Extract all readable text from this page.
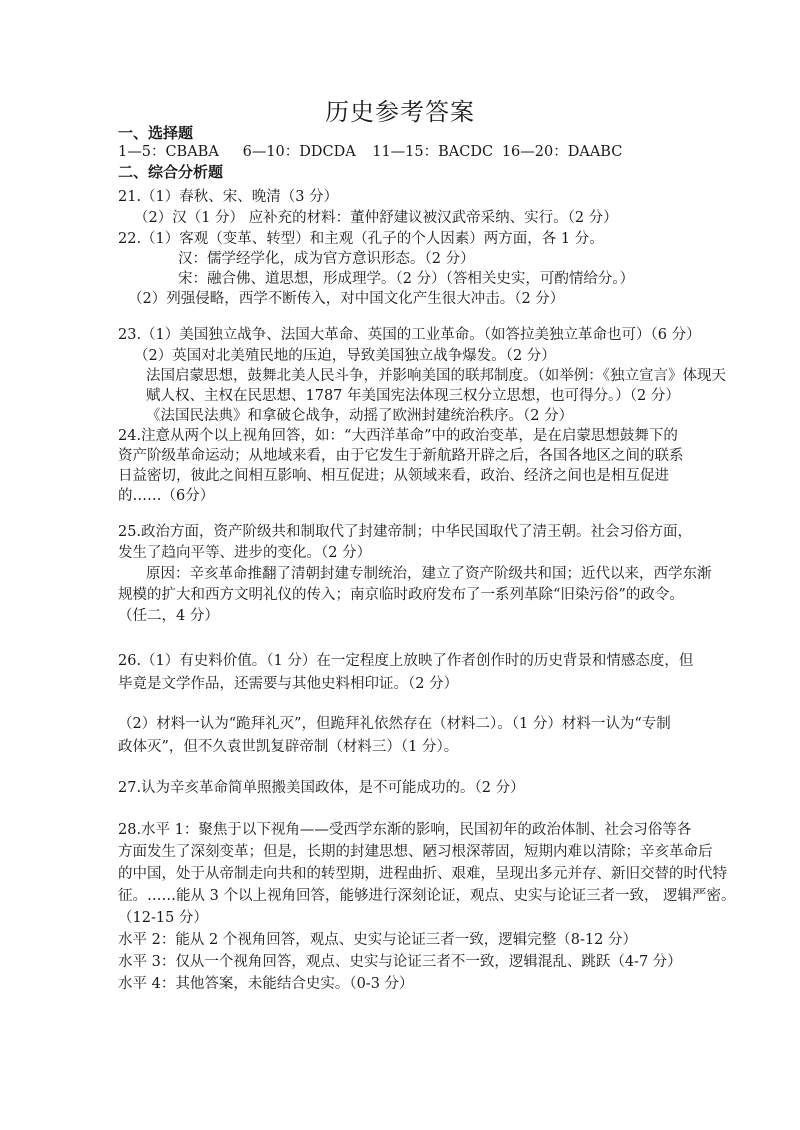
历史参考答案
一、选择题
1—5：CBABA 6—10：DDCDA 11—15：BACDC 16—20：DAABC
二、综合分析题
21.（1）春秋、宋、晚清（3 分）
（2）汉（1 分） 应补充的材料：董仲舒建议被汉武帝采纳、实行。（2 分）
22.（1）客观（变革、转型）和主观（孔子的个人因素）两方面，各 1 分。
汉：儒学经学化，成为官方意识形态。（2 分）
宋：融合佛、道思想，形成理学。（2 分）（答相关史实，可酌情给分。）
（2）列强侵略，西学不断传入，对中国文化产生很大冲击。（2 分）
23.（1）美国独立战争、法国大革命、英国的工业革命。（如答拉美独立革命也可）（6 分）
（2）英国对北美殖民地的压迫，导致美国独立战争爆发。（2 分）
法国启蒙思想，鼓舞北美人民斗争，并影响美国的联邦制度。（如举例：《独立宣言》体现天
赋人权、主权在民思想、1787 年美国宪法体现三权分立思想，也可得分。）（2 分）
《法国民法典》和拿破仑战争，动摇了欧洲封建统治秩序。（2 分）
24.注意从两个以上视角回答，如：“大西洋革命”中的政治变革，是在启蒙思想鼓舞下的
资产阶级革命运动；从地域来看，由于它发生于新航路开辟之后，各国各地区之间的联系
日益密切，彼此之间相互影响、相互促进；从领域来看，政治、经济之间也是相互促进
的……（6分）
25.政治方面，资产阶级共和制取代了封建帝制；中华民国取代了清王朝。社会习俗方面，
发生了趋向平等、进步的变化。（2 分）
原因：辛亥革命推翻了清朝封建专制统治，建立了资产阶级共和国；近代以来，西学东渐
规模的扩大和西方文明礼仪的传入；南京临时政府发布了一系列革除“旧染污俗”的政令。
（任二，4 分）
26.（1）有史料价值。（1 分）在一定程度上放映了作者创作时的历史背景和情感态度，但
毕竟是文学作品，还需要与其他史料相印证。（2 分）
（2）材料一认为“跪拜礼灭”，但跪拜礼依然存在（材料二）。（1 分）材料一认为“专制
政体灭”，但不久袁世凯复辟帝制（材料三）（1 分）。
27.认为辛亥革命简单照搬美国政体，是不可能成功的。（2 分）
28.水平 1：聚焦于以下视角——受西学东渐的影响，民国初年的政治体制、社会习俗等各
方面发生了深刻变革；但是，长期的封建思想、陋习根深蒂固，短期内难以清除；辛亥革命后
的中国，处于从帝制走向共和的转型期，进程曲折、艰难，呈现出多元并存、新旧交替的时代特
征。……能从 3 个以上视角回答，能够进行深刻论证，观点、史实与论证三者一致， 逻辑严密。
（12-15 分）
水平 2：能从 2 个视角回答，观点、史实与论证三者一致，逻辑完整（8-12 分）
水平 3：仅从一个视角回答，观点、史实与论证三者不一致，逻辑混乱、跳跃（4-7 分）
水平 4：其他答案，未能结合史实。（0-3 分）
